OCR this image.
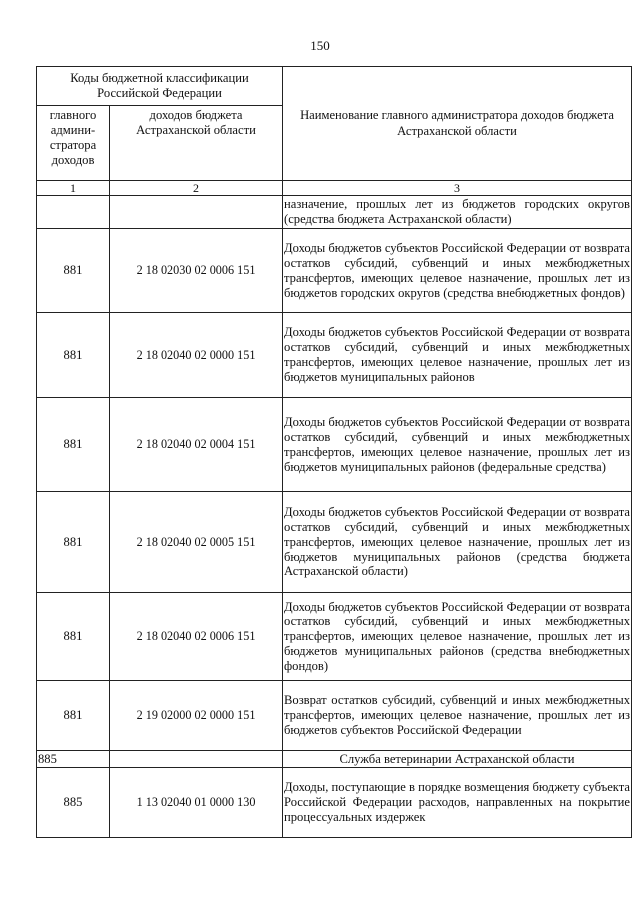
150
Коды бюджетной классификации Российской Федерации		Наименование главного администратора доходов бюджета Астраханской области
главного админи-стратора доходов	доходов бюджета Астраханской области	
1	2	3
		назначение, прошлых лет из бюджетов городских округов (средства бюджета Астраханской области)
881	2 18 02030 02 0006 151	Доходы бюджетов субъектов Российской Федерации от возврата остатков субсидий, субвенций и иных межбюджетных трансфертов, имеющих целевое назначение, прошлых лет из бюджетов городских округов (средства внебюджетных фондов)
881	2 18 02040 02 0000 151	Доходы бюджетов субъектов Российской Федерации от возврата остатков субсидий, субвенций и иных межбюджетных трансфертов, имеющих целевое назначение, прошлых лет из бюджетов муниципальных районов
881	2 18 02040 02 0004 151	Доходы бюджетов субъектов Российской Федерации от возврата остатков субсидий, субвенций и иных межбюджетных трансфертов, имеющих целевое назначение, прошлых лет из бюджетов муниципальных районов (федеральные средства)
881	2 18 02040 02 0005 151	Доходы бюджетов субъектов Российской Федерации от возврата остатков субсидий, субвенций и иных межбюджетных трансфертов, имеющих целевое назначение, прошлых лет из бюджетов муниципальных районов (средства бюджета Астраханской области)
881	2 18 02040 02 0006 151	Доходы бюджетов субъектов Российской Федерации от возврата остатков субсидий, субвенций и иных межбюджетных трансфертов, имеющих целевое назначение, прошлых лет из бюджетов муниципальных районов (средства внебюджетных фондов)
881	2 19 02000 02 0000 151	Возврат остатков субсидий, субвенций и иных межбюджетных трансфертов, имеющих целевое назначение, прошлых лет из бюджетов субъектов Российской Федерации
885		Служба ветеринарии Астраханской области
885	1 13 02040 01 0000 130	Доходы, поступающие в порядке возмещения бюджету субъекта Российской Федерации расходов, направленных на покрытие процессуальных издержек
